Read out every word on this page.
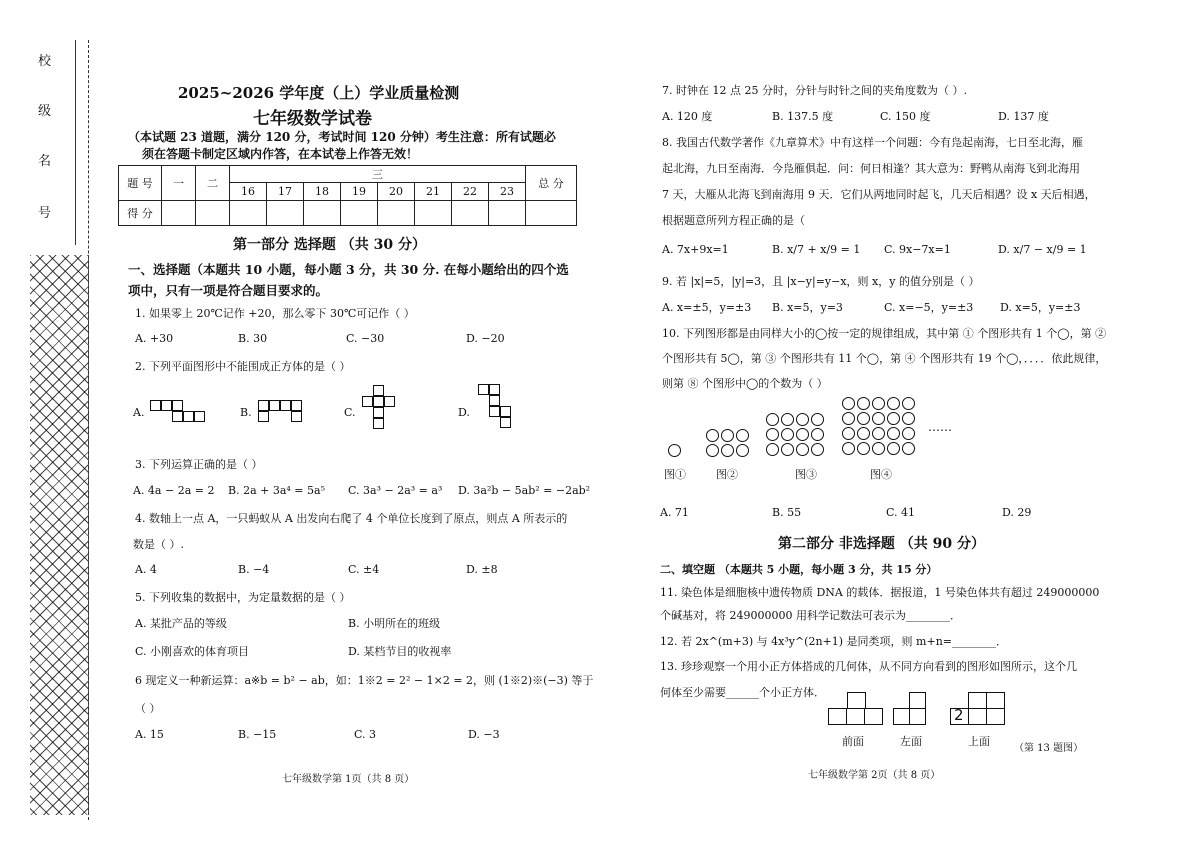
校
级
名
号
2025~2026 学年度（上）学业质量检测
七年级数学试卷
（本试题 23 道题，满分 120 分，考试时间 120 分钟）考生注意：所有试题必
须在答题卡制定区域内作答，在本试卷上作答无效！
题 号	一	二	三								总 分
			16	17	18	19	20	21	22	23	
得 分											
第一部分 选择题 （共 30 分）
一、选择题（本题共 10 小题，每小题 3 分，共 30 分. 在每小题给出的四个选
项中，只有一项是符合题目要求的。
1. 如果零上 20℃记作 +20，那么零下 30℃可记作（ ）
A. +30	B. 30	C. −30	D. −20
2. 下列平面图形中不能围成正方体的是（ ）
A.	B.	C.	D.
3. 下列运算正确的是（ ）
A. 4a − 2a = 2 B. 2a + 3a⁴ = 5a⁵ C. 3a³ − 2a³ = a³ D. 3a²b − 5ab² = −2ab²
4. 数轴上一点 A，一只蚂蚁从 A 出发向右爬了 4 个单位长度到了原点，则点 A 所表示的
数是（ ）.
A. 4	B. −4	C. ±4	D. ±8
5. 下列收集的数据中，为定量数据的是（ ）
A. 某批产品的等级	B. 小明所在的班级
C. 小刚喜欢的体育项目	D. 某档节目的收视率
6 现定义一种新运算：a※b = b² − ab，如：1※2 = 2² − 1×2 = 2，则 (1※2)※(−3) 等于
（ ）
A. 15	B. −15	C. 3	D. −3
七年级数学第 1页（共 8 页）
7. 时钟在 12 点 25 分时，分针与时针之间的夹角度数为（ ）.
A. 120 度	B. 137.5 度	C. 150 度	D. 137 度
8. 我国古代数学著作《九章算术》中有这样一个问题：今有凫起南海，七日至北海，雁
起北海，九日至南海．今凫雁俱起．问：何日相逢？其大意为：野鸭从南海飞到北海用
7 天，大雁从北海飞到南海用 9 天．它们从两地同时起飞，几天后相遇？设 x 天后相遇，
根据题意所列方程正确的是（
A. 7x+9x=1	B. x/7 + x/9 = 1 C. 9x−7x=1	D. x/7 − x/9 = 1
9. 若 |x|=5，|y|=3，且 |x−y|=y−x，则 x，y 的值分别是（ ）
A. x=±5，y=±3 B. x=5，y=3	C. x=−5，y=±3 D. x=5，y=±3
10. 下列图形都是由同样大小的◯按一定的规律组成，其中第 ① 个图形共有 1 个◯，第 ②
个图形共有 5◯，第 ③ 个图形共有 11 个◯，第 ④ 个图形共有 19 个◯，．．．．依此规律，
则第 ⑧ 个图形中◯的个数为（ ）
图①	图②	图③	图④
……
A. 71	B. 55	C. 41	D. 29
第二部分 非选择题 （共 90 分）
二、填空题 （本题共 5 小题，每小题 3 分，共 15 分）
11. 染色体是细胞核中遗传物质 DNA 的载体．据报道，1 号染色体共有超过 249000000
个碱基对，将 249000000 用科学记数法可表示为________．
12. 若 2x^(m+3) 与 4x³y^(2n+1) 是同类项，则 m+n=________．
13. 珍珍观察一个用小正方体搭成的几何体，从不同方向看到的图形如图所示，这个几
何体至少需要______个小正方体．
2
前面	左面	上面
（第 13 题图）
七年级数学第 2页（共 8 页）
